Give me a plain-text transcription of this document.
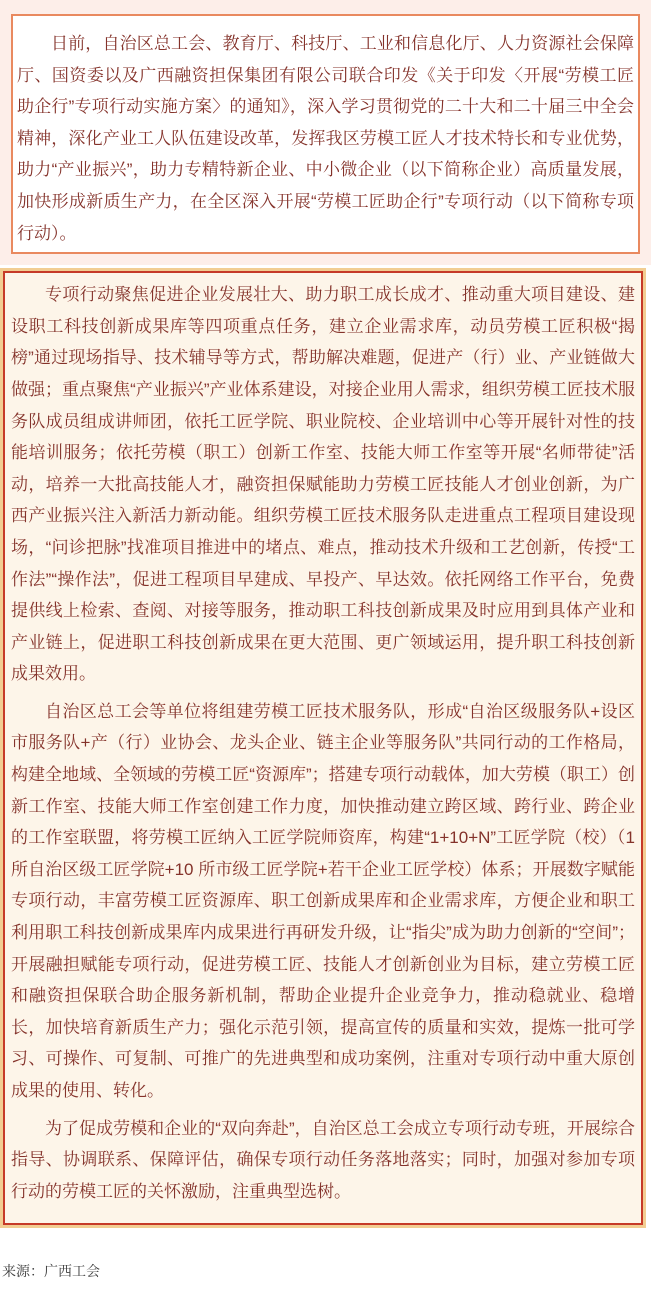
日前，自治区总工会、教育厅、科技厅、工业和信息化厅、人力资源社会保障厅、国资委以及广西融资担保集团有限公司联合印发《关于印发〈开展“劳模工匠助企行”专项行动实施方案〉的通知》，深入学习贯彻党的二十大和二十届三中全会精神，深化产业工人队伍建设改革，发挥我区劳模工匠人才技术特长和专业优势，助力“产业振兴”，助力专精特新企业、中小微企业（以下简称企业）高质量发展，加快形成新质生产力，在全区深入开展“劳模工匠助企行”专项行动（以下简称专项行动）。

专项行动聚焦促进企业发展壮大、助力职工成长成才、推动重大项目建设、建设职工科技创新成果库等四项重点任务，建立企业需求库，动员劳模工匠积极“揭榜”通过现场指导、技术辅导等方式，帮助解决难题，促进产（行）业、产业链做大做强；重点聚焦“产业振兴”产业体系建设，对接企业用人需求，组织劳模工匠技术服务队成员组成讲师团，依托工匠学院、职业院校、企业培训中心等开展针对性的技能培训服务；依托劳模（职工）创新工作室、技能大师工作室等开展“名师带徒”活动，培养一大批高技能人才，融资担保赋能助力劳模工匠技能人才创业创新，为广西产业振兴注入新活力新动能。组织劳模工匠技术服务队走进重点工程项目建设现场，“问诊把脉”找准项目推进中的堵点、难点，推动技术升级和工艺创新，传授“工作法”“操作法”，促进工程项目早建成、早投产、早达效。依托网络工作平台，免费提供线上检索、查阅、对接等服务，推动职工科技创新成果及时应用到具体产业和产业链上，促进职工科技创新成果在更大范围、更广领域运用，提升职工科技创新成果效用。

自治区总工会等单位将组建劳模工匠技术服务队，形成“自治区级服务队+设区市服务队+产（行）业协会、龙头企业、链主企业等服务队”共同行动的工作格局，构建全地域、全领域的劳模工匠“资源库”；搭建专项行动载体，加大劳模（职工）创新工作室、技能大师工作室创建工作力度，加快推动建立跨区域、跨行业、跨企业的工作室联盟，将劳模工匠纳入工匠学院师资库，构建“1+10+N”工匠学院（校）（1 所自治区级工匠学院+10 所市级工匠学院+若干企业工匠学校）体系；开展数字赋能专项行动，丰富劳模工匠资源库、职工创新成果库和企业需求库，方便企业和职工利用职工科技创新成果库内成果进行再研发升级，让“指尖”成为助力创新的“空间”；开展融担赋能专项行动，促进劳模工匠、技能人才创新创业为目标，建立劳模工匠和融资担保联合助企服务新机制，帮助企业提升企业竞争力，推动稳就业、稳增长，加快培育新质生产力；强化示范引领，提高宣传的质量和实效，提炼一批可学习、可操作、可复制、可推广的先进典型和成功案例，注重对专项行动中重大原创成果的使用、转化。

为了促成劳模和企业的“双向奔赴”，自治区总工会成立专项行动专班，开展综合指导、协调联系、保障评估，确保专项行动任务落地落实；同时，加强对参加专项行动的劳模工匠的关怀激励，注重典型选树。

来源：广西工会
